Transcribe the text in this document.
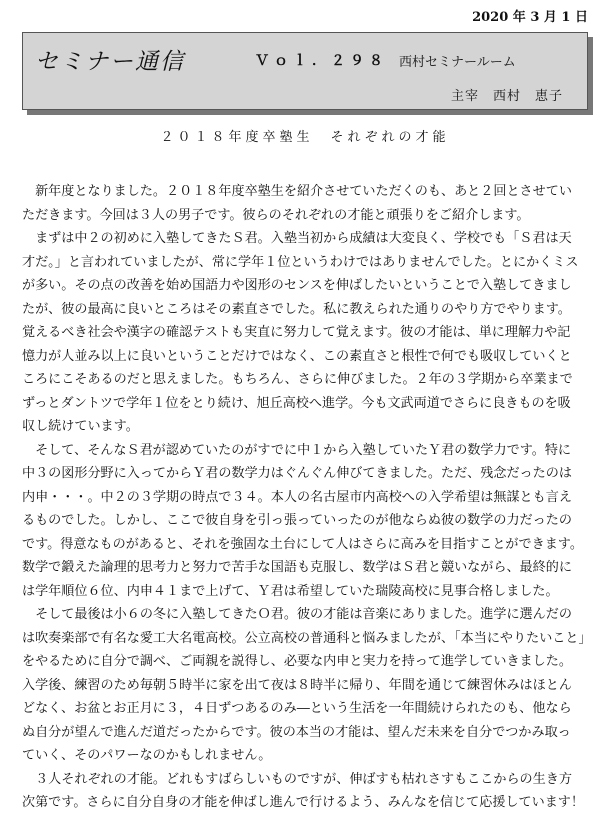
2020 年 3 月 1 日
セミナー通信	Ｖｏｌ．２９８ 西村セミナールーム
主宰　西村　恵子
２０１８年度卒塾生　それぞれの才能
　新年度となりました。２０１８年度卒塾生を紹介させていただくのも、あと２回とさせてい
ただきます。今回は３人の男子です。彼らのそれぞれの才能と頑張りをご紹介します。
　まずは中２の初めに入塾してきたＳ君。入塾当初から成績は大変良く、学校でも「Ｓ君は天
才だ。」と言われていましたが、常に学年１位というわけではありませんでした。とにかくミス
が多い。その点の改善を始め国語力や図形のセンスを伸ばしたいということで入塾してきまし
たが、彼の最高に良いところはその素直さでした。私に教えられた通りのやり方でやります。
覚えるべき社会や漢字の確認テストも実直に努力して覚えます。彼の才能は、単に理解力や記
憶力が人並み以上に良いということだけではなく、この素直さと根性で何でも吸収していくと
ころにこそあるのだと思えました。もちろん、さらに伸びました。２年の３学期から卒業まで
ずっとダントツで学年１位をとり続け、旭丘高校へ進学。今も文武両道でさらに良きものを吸
収し続けています。
　そして、そんなＳ君が認めていたのがすでに中１から入塾していたＹ君の数学力です。特に
中３の図形分野に入ってからＹ君の数学力はぐんぐん伸びてきました。ただ、残念だったのは
内申・・・。中２の３学期の時点で３４。本人の名古屋市内高校への入学希望は無謀とも言え
るものでした。しかし、ここで彼自身を引っ張っていったのが他ならぬ彼の数学の力だったの
です。得意なものがあると、それを強固な土台にして人はさらに高みを目指すことができます。
数学で鍛えた論理的思考力と努力で苦手な国語も克服し、数学はＳ君と競いながら、最終的に
は学年順位６位、内申４１まで上げて、Ｙ君は希望していた瑞陵高校に見事合格しました。
　そして最後は小６の冬に入塾してきたＯ君。彼の才能は音楽にありました。進学に選んだの
は吹奏楽部で有名な愛工大名電高校。公立高校の普通科と悩みましたが、「本当にやりたいこと」
をやるために自分で調べ、ご両親を説得し、必要な内申と実力を持って進学していきました。
入学後、練習のため毎朝５時半に家を出て夜は８時半に帰り、年間を通じて練習休みはほとん
どなく、お盆とお正月に３，４日ずつあるのみ―という生活を一年間続けられたのも、他なら
ぬ自分が望んで進んだ道だったからです。彼の本当の才能は、望んだ未来を自分でつかみ取っ
ていく、そのパワーなのかもしれません。
　３人それぞれの才能。どれもすばらしいものですが、伸ばすも枯れさすもここからの生き方
次第です。さらに自分自身の才能を伸ばし進んで行けるよう、みんなを信じて応援しています！
